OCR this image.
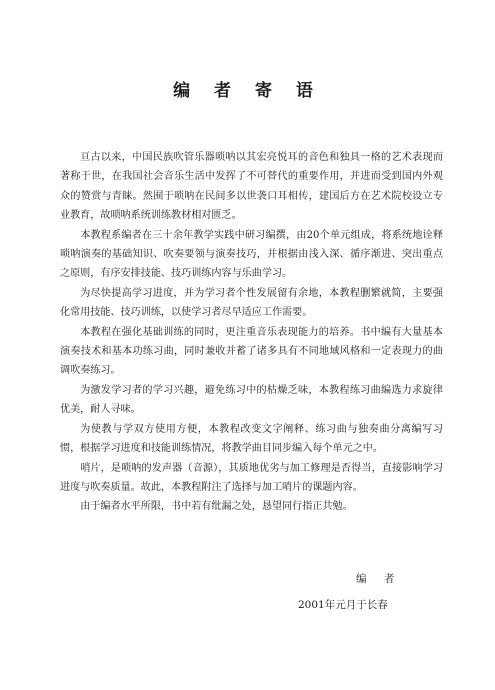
编 者 寄 语

亘古以来，中国民族吹管乐器唢呐以其宏亮悦耳的音色和独具一格的艺术表现而著称于世，在我国社会音乐生活中发挥了不可替代的重要作用，并进而受到国内外观众的赞赏与青睐。然囿于唢呐在民间多以世袭口耳相传，建国后方在艺术院校设立专业教育，故唢呐系统训练教材相对匮乏。

本教程系编者在三十余年教学实践中研习编撰，由20个单元组成，将系统地诠释唢呐演奏的基础知识、吹奏要领与演奏技巧，并根据由浅入深、循序渐进、突出重点之原则，有序安排技能、技巧训练内容与乐曲学习。

为尽快提高学习进度，并为学习者个性发展留有余地，本教程删繁就简，主要强化常用技能、技巧训练，以使学习者尽早适应工作需要。

本教程在强化基础训练的同时，更注重音乐表现能力的培养。书中编有大量基本演奏技术和基本功练习曲，同时兼收并蓄了诸多具有不同地域风格和一定表现力的曲调吹奏练习。

为激发学习者的学习兴趣，避免练习中的枯燥乏味，本教程练习曲编选力求旋律优美，耐人寻味。

为使教与学双方使用方便，本教程改变文字阐释、练习曲与独奏曲分离编写习惯，根据学习进度和技能训练情况，将教学曲目同步编入每个单元之中。

哨片，是唢呐的发声器（音源），其质地优劣与加工修理是否得当，直接影响学习进度与吹奏质量。故此，本教程附注了选择与加工哨片的课题内容。

由于编者水平所限，书中若有纰漏之处，恳望同行指正共勉。

编 者
2001年元月于长春
